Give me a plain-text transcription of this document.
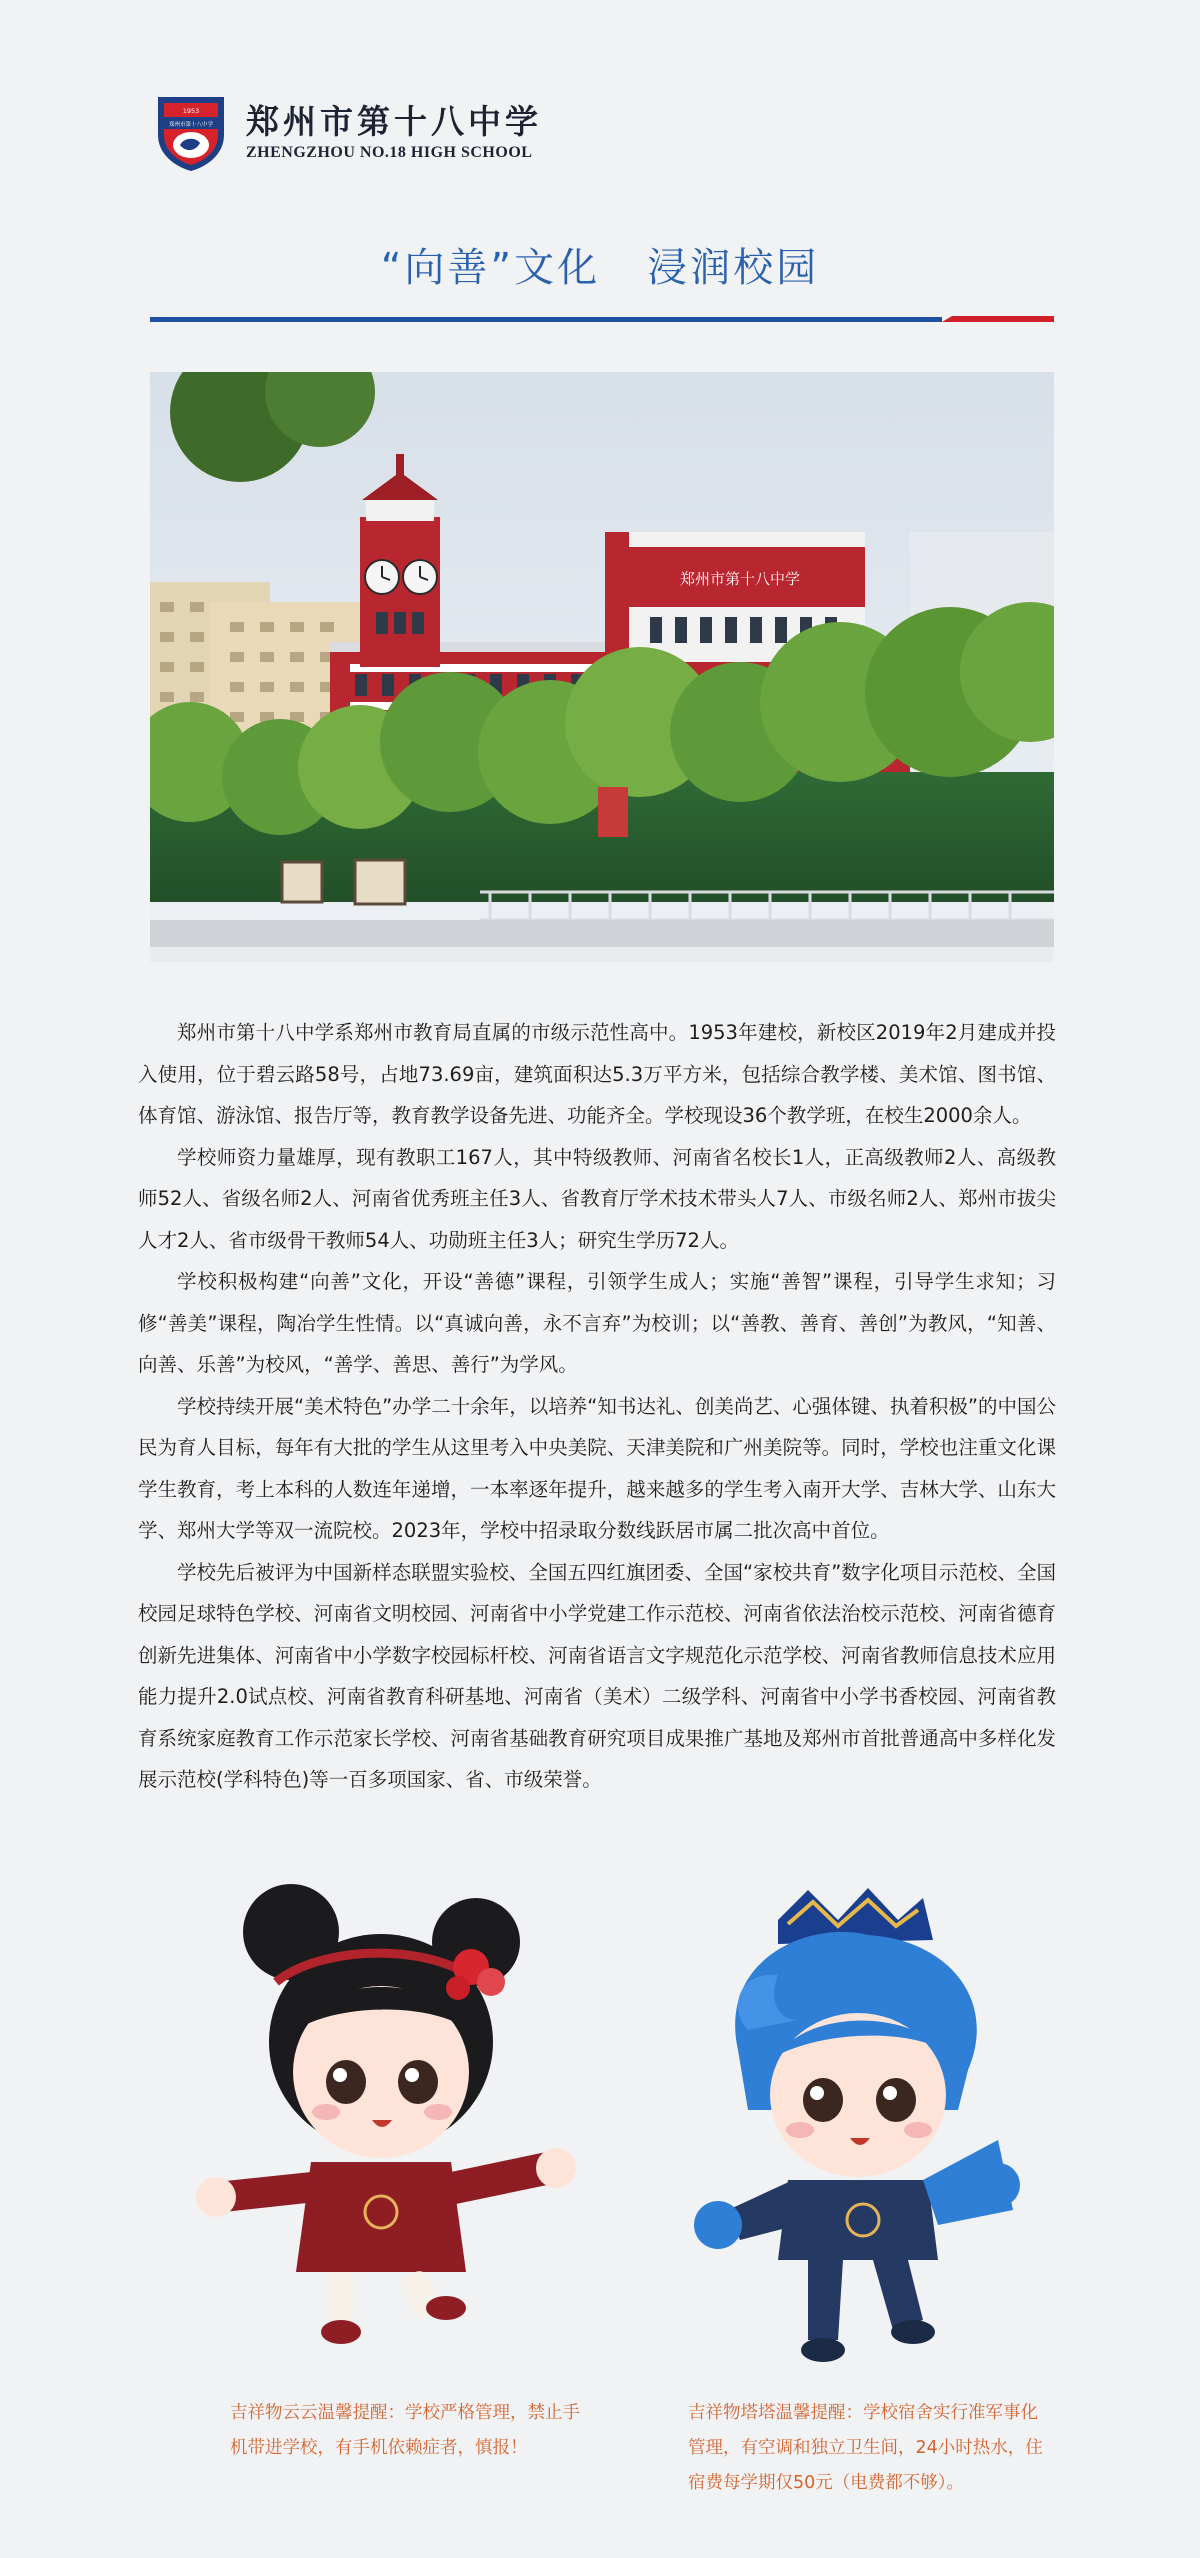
1953
郑州市第十八中学 郑州市第十八中学
ZHENGZHOU NO.18 HIGH SCHOOL
“向善”文化   浸润校园
郑州市第十八中学

郑州市第十八中学系郑州市教育局直属的市级示范性高中。1953年建校，新校区2019年2月建成并投入使用，位于碧云路58号，占地73.69亩，建筑面积达5.3万平方米，包括综合教学楼、美术馆、图书馆、体育馆、游泳馆、报告厅等，教育教学设备先进、功能齐全。学校现设36个教学班，在校生2000余人。

学校师资力量雄厚，现有教职工167人，其中特级教师、河南省名校长1人，正高级教师2人、高级教师52人、省级名师2人、河南省优秀班主任3人、省教育厅学术技术带头人7人、市级名师2人、郑州市拔尖人才2人、省市级骨干教师54人、功勋班主任3人；研究生学历72人。

学校积极构建“向善”文化，开设“善德”课程，引领学生成人；实施“善智”课程，引导学生求知；习修“善美”课程，陶冶学生性情。以“真诚向善，永不言弃”为校训；以“善教、善育、善创”为教风，“知善、向善、乐善”为校风，“善学、善思、善行”为学风。

学校持续开展“美术特色”办学二十余年，以培养“知书达礼、创美尚艺、心强体键、执着积极”的中国公民为育人目标，每年有大批的学生从这里考入中央美院、天津美院和广州美院等。同时，学校也注重文化课学生教育，考上本科的人数连年递增，一本率逐年提升，越来越多的学生考入南开大学、吉林大学、山东大学、郑州大学等双一流院校。2023年，学校中招录取分数线跃居市属二批次高中首位。

学校先后被评为中国新样态联盟实验校、全国五四红旗团委、全国“家校共育”数字化项目示范校、全国校园足球特色学校、河南省文明校园、河南省中小学党建工作示范校、河南省依法治校示范校、河南省德育创新先进集体、河南省中小学数字校园标杆校、河南省语言文字规范化示范学校、河南省教师信息技术应用能力提升2.0试点校、河南省教育科研基地、河南省（美术）二级学科、河南省中小学书香校园、河南省教育系统家庭教育工作示范家长学校、河南省基础教育研究项目成果推广基地及郑州市首批普通高中多样化发展示范校(学科特色)等一百多项国家、省、市级荣誉。

吉祥物云云温馨提醒：学校严格管理，禁止手机带进学校，有手机依赖症者，慎报！
吉祥物塔塔温馨提醒：学校宿舍实行准军事化管理，有空调和独立卫生间，24小时热水，住宿费每学期仅50元（电费都不够）。
